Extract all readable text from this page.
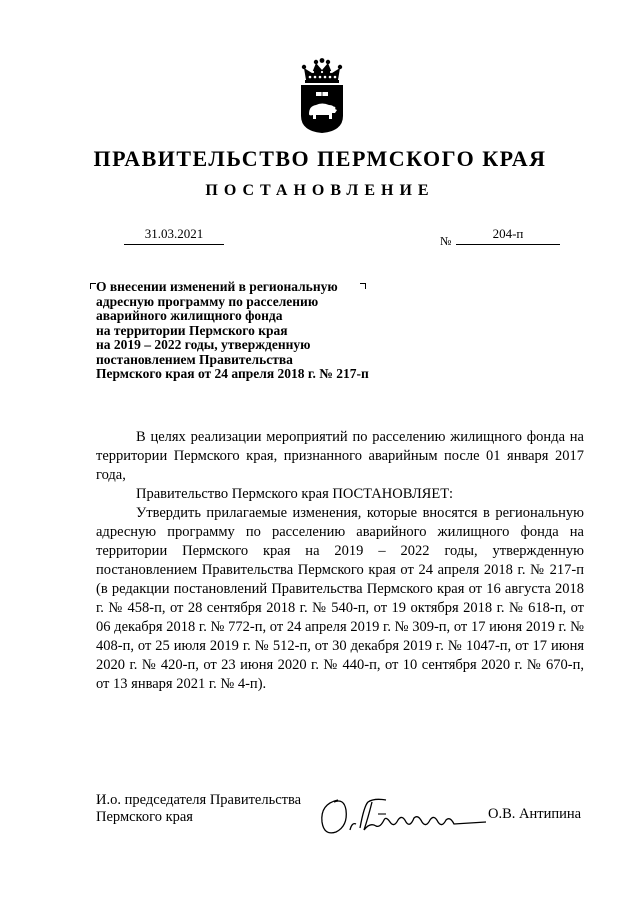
ПРАВИТЕЛЬСТВО ПЕРМСКОГО КРАЯ
ПОСТАНОВЛЕНИЕ
31.03.2021	№	204-п
О внесении изменений в региональную
адресную программу по расселению
аварийного жилищного фонда
на территории Пермского края
на 2019 – 2022 годы, утвержденную
постановлением Правительства
Пермского края от 24 апреля 2018 г. № 217-п

В целях реализации мероприятий по расселению жилищного фонда на территории Пермского края, признанного аварийным после 01 января 2017 года,

Правительство Пермского края ПОСТАНОВЛЯЕТ:

Утвердить прилагаемые изменения, которые вносятся в региональную адресную программу по расселению аварийного жилищного фонда на территории Пермского края на 2019 – 2022 годы, утвержденную постановлением Правительства Пермского края от 24 апреля 2018 г. № 217-п (в редакции постановлений Правительства Пермского края от 16 августа 2018 г. № 458-п, от 28 сентября 2018 г. № 540-п, от 19 октября 2018 г. № 618-п, от 06 декабря 2018 г. № 772-п, от 24 апреля 2019 г. № 309-п, от 17 июня 2019 г. № 408-п, от 25 июля 2019 г. № 512-п, от 30 декабря 2019 г. № 1047-п, от 17 июня 2020 г. № 420-п, от 23 июня 2020 г. № 440-п, от 10 сентября 2020 г. № 670-п, от 13 января 2021 г. № 4-п).

И.о. председателя Правительства
Пермского края	О.В. Антипина
